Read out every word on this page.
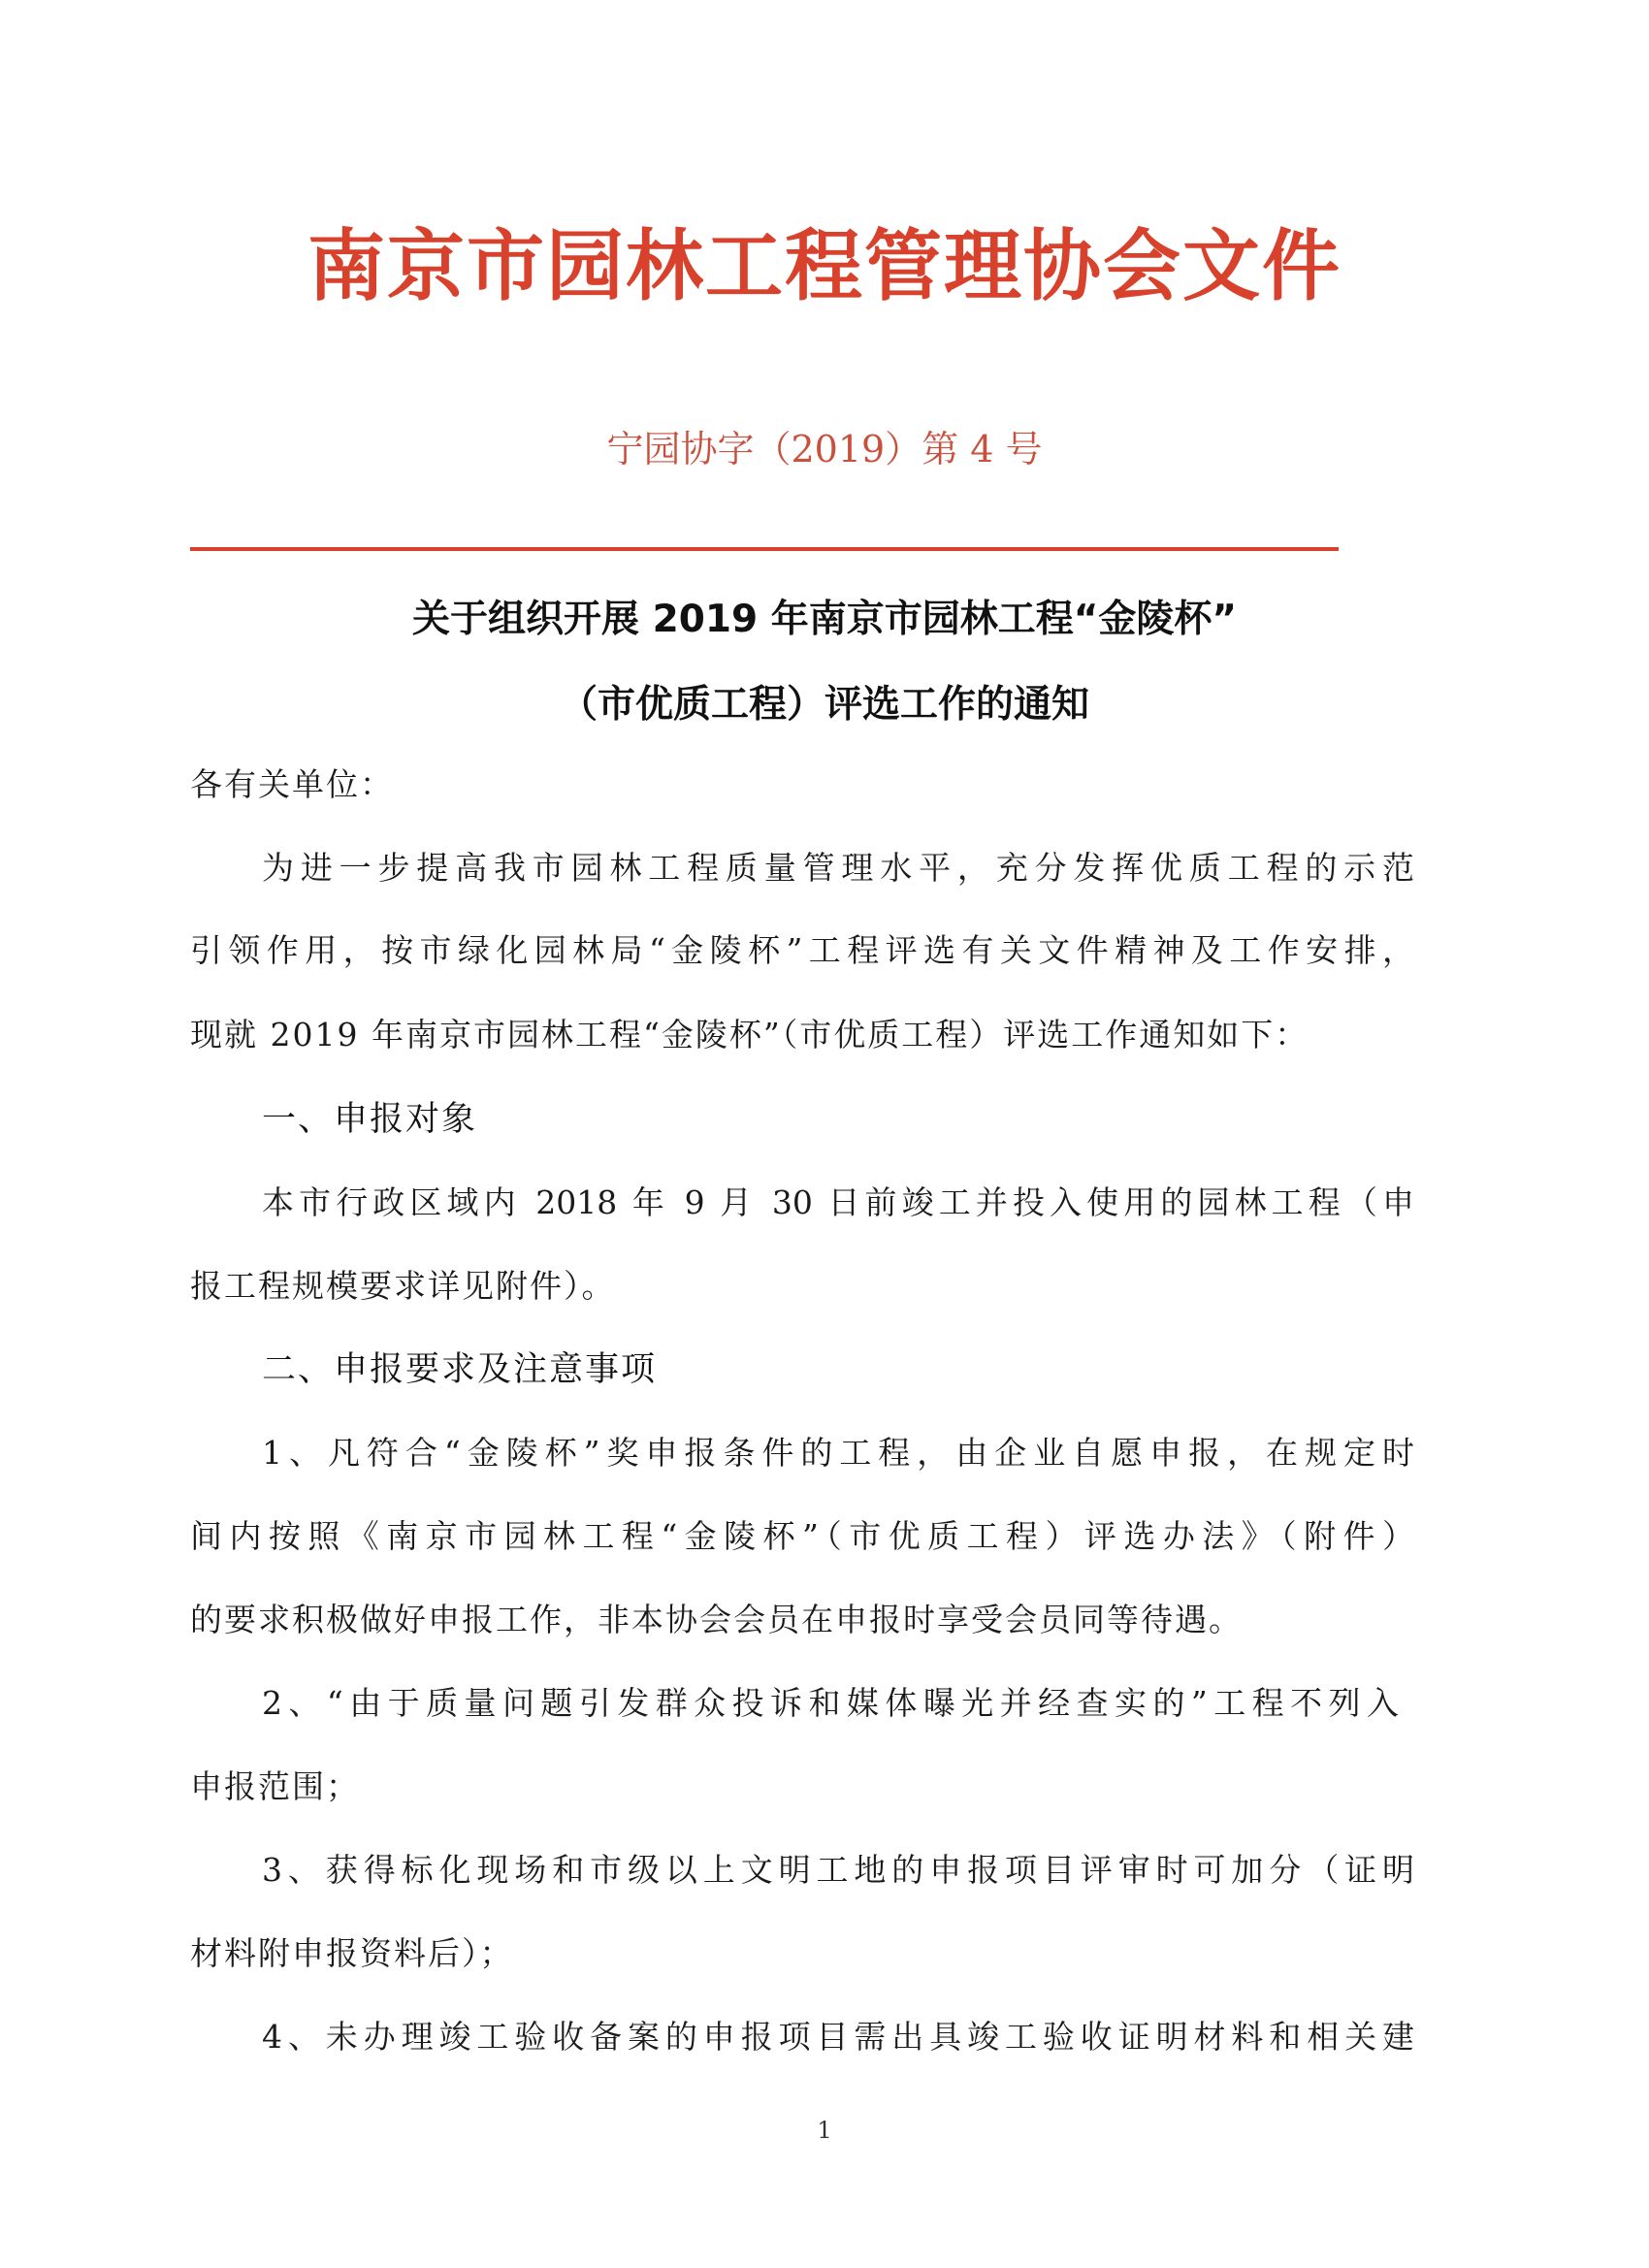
南京市园林工程管理协会文件
宁园协字（2019）第 4 号
关于组织开展 2019 年南京市园林工程“金陵杯”
（市优质工程）评选工作的通知
各有关单位：
为进一步提高我市园林工程质量管理水平，充分发挥优质工程的示范
引领作用，按市绿化园林局“金陵杯”工程评选有关文件精神及工作安排，
现就 2019 年南京市园林工程“金陵杯”（市优质工程）评选工作通知如下：
一、申报对象
本市行政区域内 2018 年 9 月 30 日前竣工并投入使用的园林工程（申
报工程规模要求详见附件）。
二、申报要求及注意事项
1、凡符合“金陵杯”奖申报条件的工程，由企业自愿申报，在规定时
间内按照《南京市园林工程“金陵杯”（市优质工程）评选办法》（附件）
的要求积极做好申报工作，非本协会会员在申报时享受会员同等待遇。
2、“由于质量问题引发群众投诉和媒体曝光并经查实的”工程不列入
申报范围；
3、获得标化现场和市级以上文明工地的申报项目评审时可加分（证明
材料附申报资料后）；
4、未办理竣工验收备案的申报项目需出具竣工验收证明材料和相关建
1
